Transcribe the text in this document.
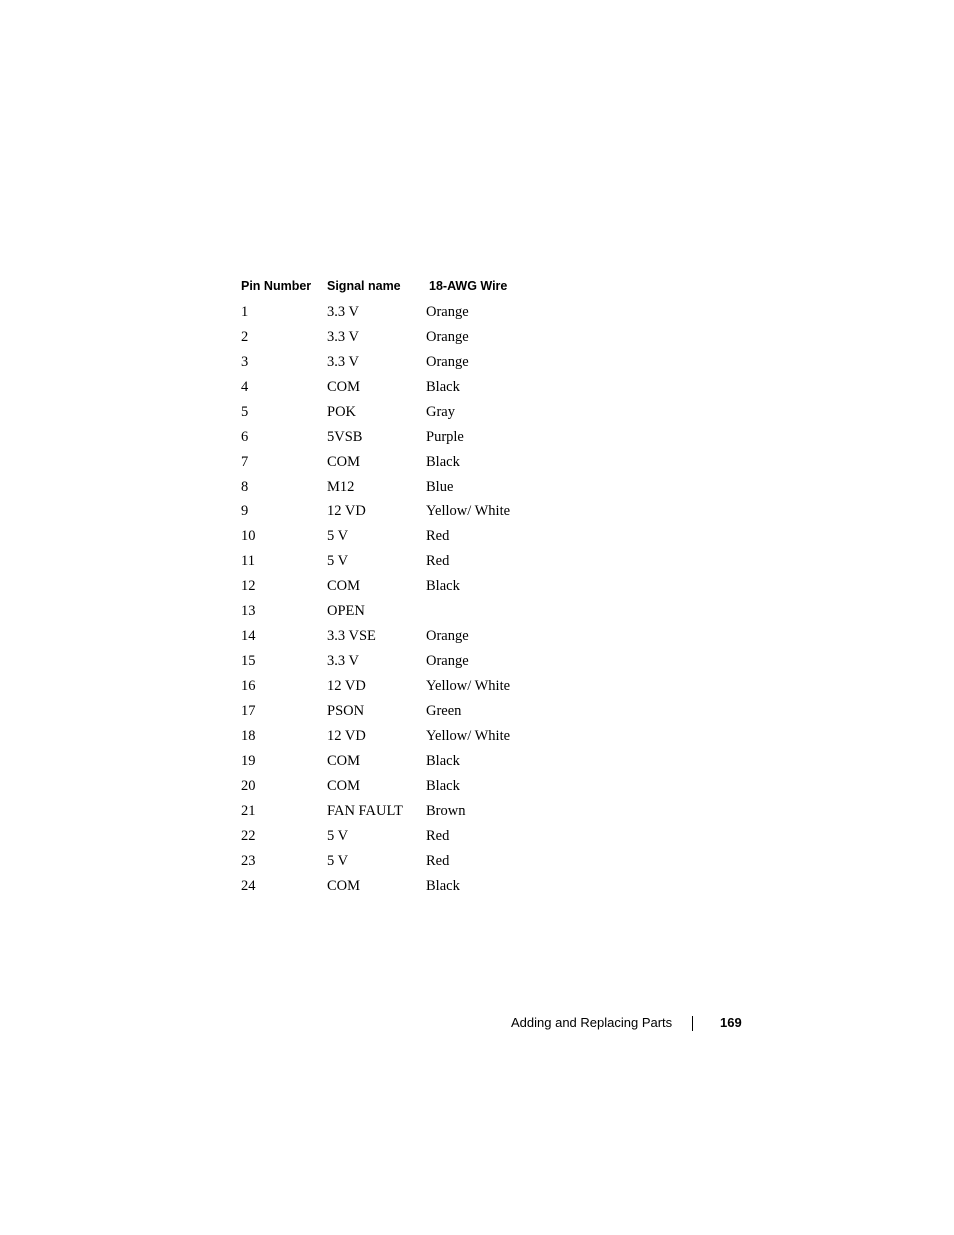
Pin Number	Signal name	18-AWG Wire
1	3.3 V	Orange
2	3.3 V	Orange
3	3.3 V	Orange
4	COM	Black
5	POK	Gray
6	5VSB	Purple
7	COM	Black
8	M12	Blue
9	12 VD	Yellow/ White
10	5 V	Red
11	5 V	Red
12	COM	Black
13	OPEN	
14	3.3 VSE	Orange
15	3.3 V	Orange
16	12 VD	Yellow/ White
17	PSON	Green
18	12 VD	Yellow/ White
19	COM	Black
20	COM	Black
21	FAN FAULT	Brown
22	5 V	Red
23	5 V	Red
24	COM	Black
Adding and Replacing Parts	169
